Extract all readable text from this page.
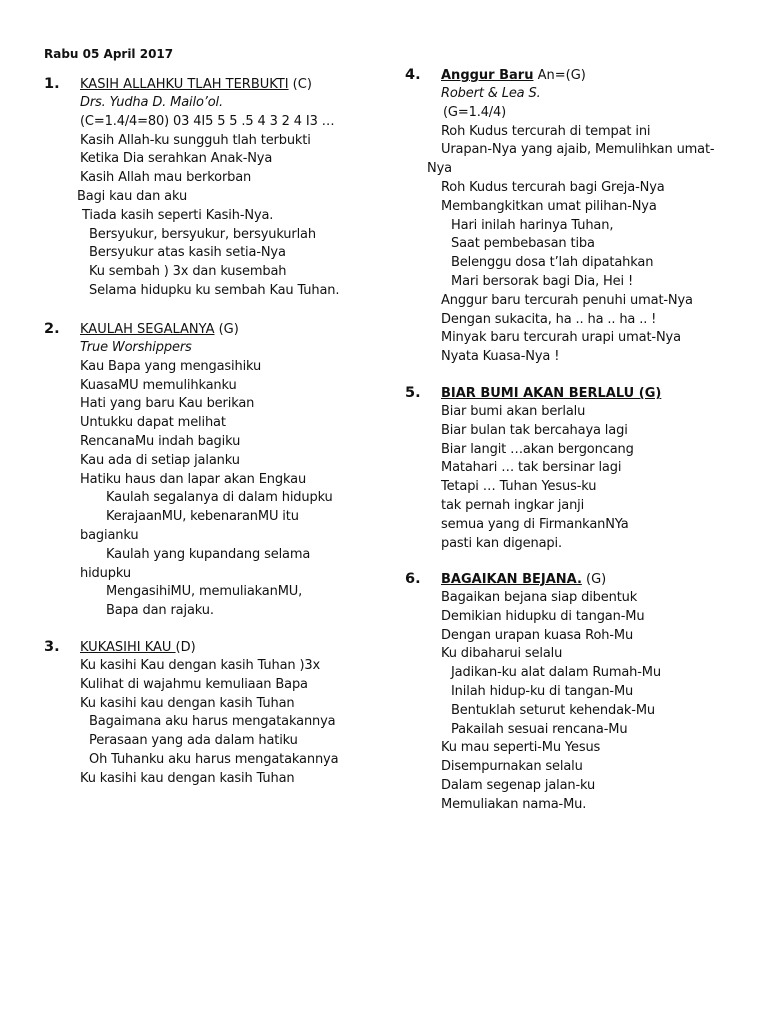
Rabu 05 April 2017
1. KASIH ALLAHKU TLAH TERBUKTI (C)
Drs. Yudha D. Mailo’ol.
(C=1.4/4=80) 03 4I5 5 5 .5 4 3 2 4 I3 …
Kasih Allah-ku sungguh tlah terbukti
Ketika Dia serahkan Anak-Nya
Kasih Allah mau berkorban
Bagi kau dan aku
Tiada kasih seperti Kasih-Nya.
Bersyukur, bersyukur, bersyukurlah
Bersyukur atas kasih setia-Nya
Ku sembah ) 3x dan kusembah
Selama hidupku ku sembah Kau Tuhan.
2. KAULAH SEGALANYA (G)
True Worshippers
Kau Bapa yang mengasihiku
KuasaMU memulihkanku
Hati yang baru Kau berikan
Untukku dapat melihat
RencanaMu indah bagiku
Kau ada di setiap jalanku
Hatiku haus dan lapar akan Engkau
Kaulah segalanya di dalam hidupku
KerajaanMU, kebenaranMU itu
bagianku
Kaulah yang kupandang selama
hidupku
MengasihiMU, memuliakanMU,
Bapa dan rajaku.
3. KUKASIHI KAU (D)
Ku kasihi Kau dengan kasih Tuhan )3x
Kulihat di wajahmu kemuliaan Bapa
Ku kasihi kau dengan kasih Tuhan
Bagaimana aku harus mengatakannya
Perasaan yang ada dalam hatiku
Oh Tuhanku aku harus mengatakannya
Ku kasihi kau dengan kasih Tuhan
4. Anggur Baru An=(G)
Robert & Lea S.
(G=1.4/4)
Roh Kudus tercurah di tempat ini
Urapan-Nya yang ajaib, Memulihkan umat-
Nya
Roh Kudus tercurah bagi Greja-Nya
Membangkitkan umat pilihan-Nya
Hari inilah harinya Tuhan,
Saat pembebasan tiba
Belenggu dosa t’lah dipatahkan
Mari bersorak bagi Dia, Hei !
Anggur baru tercurah penuhi umat-Nya
Dengan sukacita, ha .. ha .. ha .. !
Minyak baru tercurah urapi umat-Nya
Nyata Kuasa-Nya !
5. BIAR BUMI AKAN BERLALU (G)
Biar bumi akan berlalu
Biar bulan tak bercahaya lagi
Biar langit …akan bergoncang
Matahari … tak bersinar lagi
Tetapi … Tuhan Yesus-ku
tak pernah ingkar janji
semua yang di FirmankanNYa
pasti kan digenapi.
6. BAGAIKAN BEJANA. (G)
Bagaikan bejana siap dibentuk
Demikian hidupku di tangan-Mu
Dengan urapan kuasa Roh-Mu
Ku dibaharui selalu
Jadikan-ku alat dalam Rumah-Mu
Inilah hidup-ku di tangan-Mu
Bentuklah seturut kehendak-Mu
Pakailah sesuai rencana-Mu
Ku mau seperti-Mu Yesus
Disempurnakan selalu
Dalam segenap jalan-ku
Memuliakan nama-Mu.
